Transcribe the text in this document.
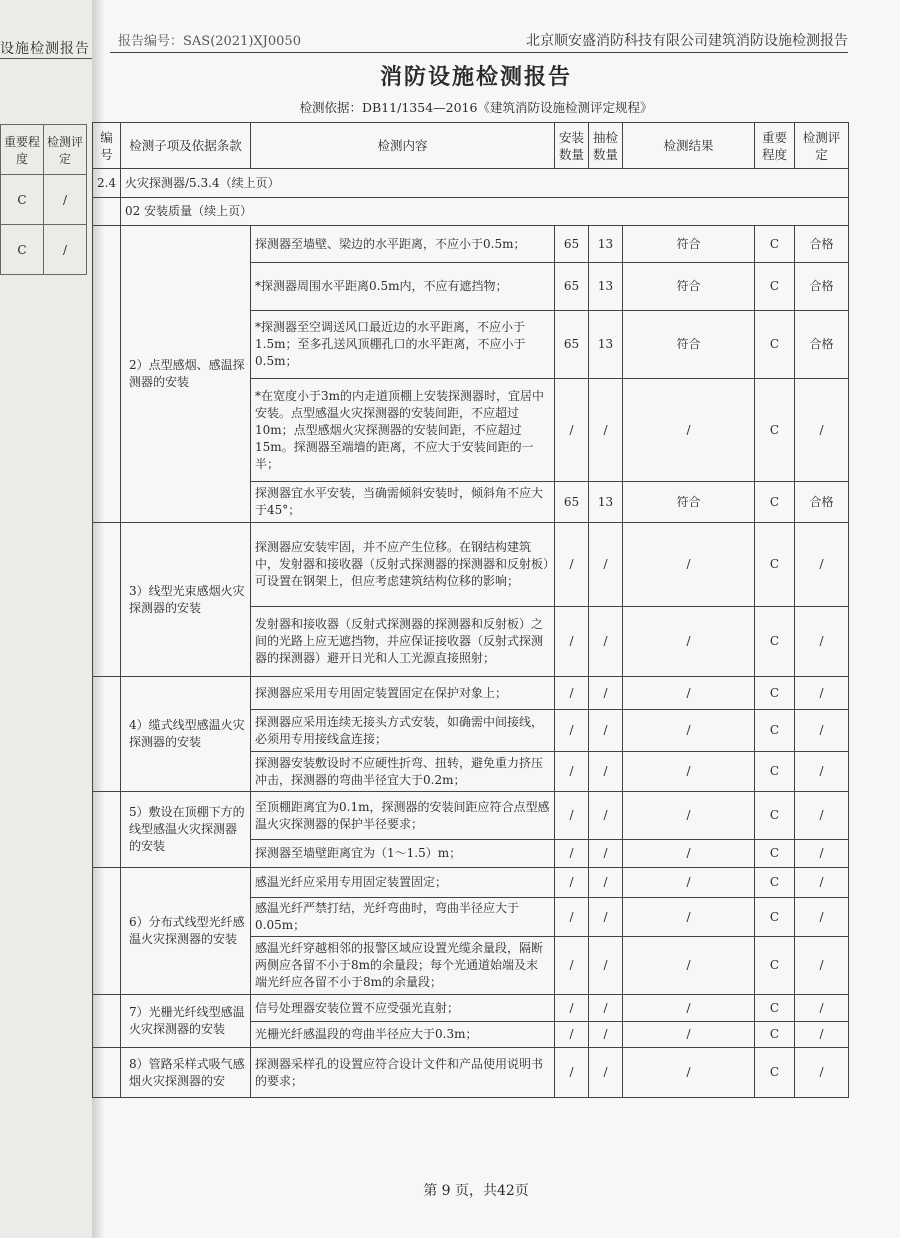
设施检测报告
重要程度	检测评定
C	/
C	/
报告编号：SAS(2021)XJ0050	北京顺安盛消防科技有限公司建筑消防设施检测报告
消防设施检测报告
检测依据：DB11/1354—2016《建筑消防设施检测评定规程》
编号	检测子项及依据条款	检测内容	安装数量	抽检数量	检测结果	重要程度	检测评定
2.4	火灾探测器/5.3.4（续上页）						
	02 安装质量（续上页）						
	2）点型感烟、感温探测器的安装	探测器至墙壁、梁边的水平距离，不应小于0.5m；	65	13	符合	C	合格
		*探测器周围水平距离0.5m内，不应有遮挡物；	65	13	符合	C	合格
		*探测器至空调送风口最近边的水平距离，不应小于1.5m；至多孔送风顶棚孔口的水平距离，不应小于0.5m；	65	13	符合	C	合格
		*在宽度小于3m的内走道顶棚上安装探测器时，宜居中安装。点型感温火灾探测器的安装间距，不应超过10m；点型感烟火灾探测器的安装间距，不应超过15m。探测器至端墙的距离，不应大于安装间距的一半；	/	/	/	C	/
		探测器宜水平安装，当确需倾斜安装时，倾斜角不应大于45°；	65	13	符合	C	合格
	3）线型光束感烟火灾探测器的安装	探测器应安装牢固，并不应产生位移。在钢结构建筑中，发射器和接收器（反射式探测器的探测器和反射板）可设置在钢架上，但应考虑建筑结构位移的影响；	/	/	/	C	/
		发射器和接收器（反射式探测器的探测器和反射板）之间的光路上应无遮挡物，并应保证接收器（反射式探测器的探测器）避开日光和人工光源直接照射；	/	/	/	C	/
	4）缆式线型感温火灾探测器的安装	探测器应采用专用固定装置固定在保护对象上；	/	/	/	C	/
		探测器应采用连续无接头方式安装，如确需中间接线，必须用专用接线盒连接；	/	/	/	C	/
		探测器安装敷设时不应硬性折弯、扭转，避免重力挤压冲击，探测器的弯曲半径宜大于0.2m；	/	/	/	C	/
	5）敷设在顶棚下方的线型感温火灾探测器的安装	至顶棚距离宜为0.1m，探测器的安装间距应符合点型感温火灾探测器的保护半径要求；	/	/	/	C	/
		探测器至墙壁距离宜为（1～1.5）m；	/	/	/	C	/
	6）分布式线型光纤感温火灾探测器的安装	感温光纤应采用专用固定装置固定；	/	/	/	C	/
		感温光纤严禁打结，光纤弯曲时，弯曲半径应大于0.05m；	/	/	/	C	/
		感温光纤穿越相邻的报警区域应设置光缆余量段，隔断两侧应各留不小于8m的余量段；每个光通道始端及末端光纤应各留不小于8m的余量段；	/	/	/	C	/
	7）光栅光纤线型感温火灾探测器的安装	信号处理器安装位置不应受强光直射；	/	/	/	C	/
		光栅光纤感温段的弯曲半径应大于0.3m；	/	/	/	C	/
	8）管路采样式吸气感烟火灾探测器的安	探测器采样孔的设置应符合设计文件和产品使用说明书的要求；	/	/	/	C	/
第 9 页，共42页
